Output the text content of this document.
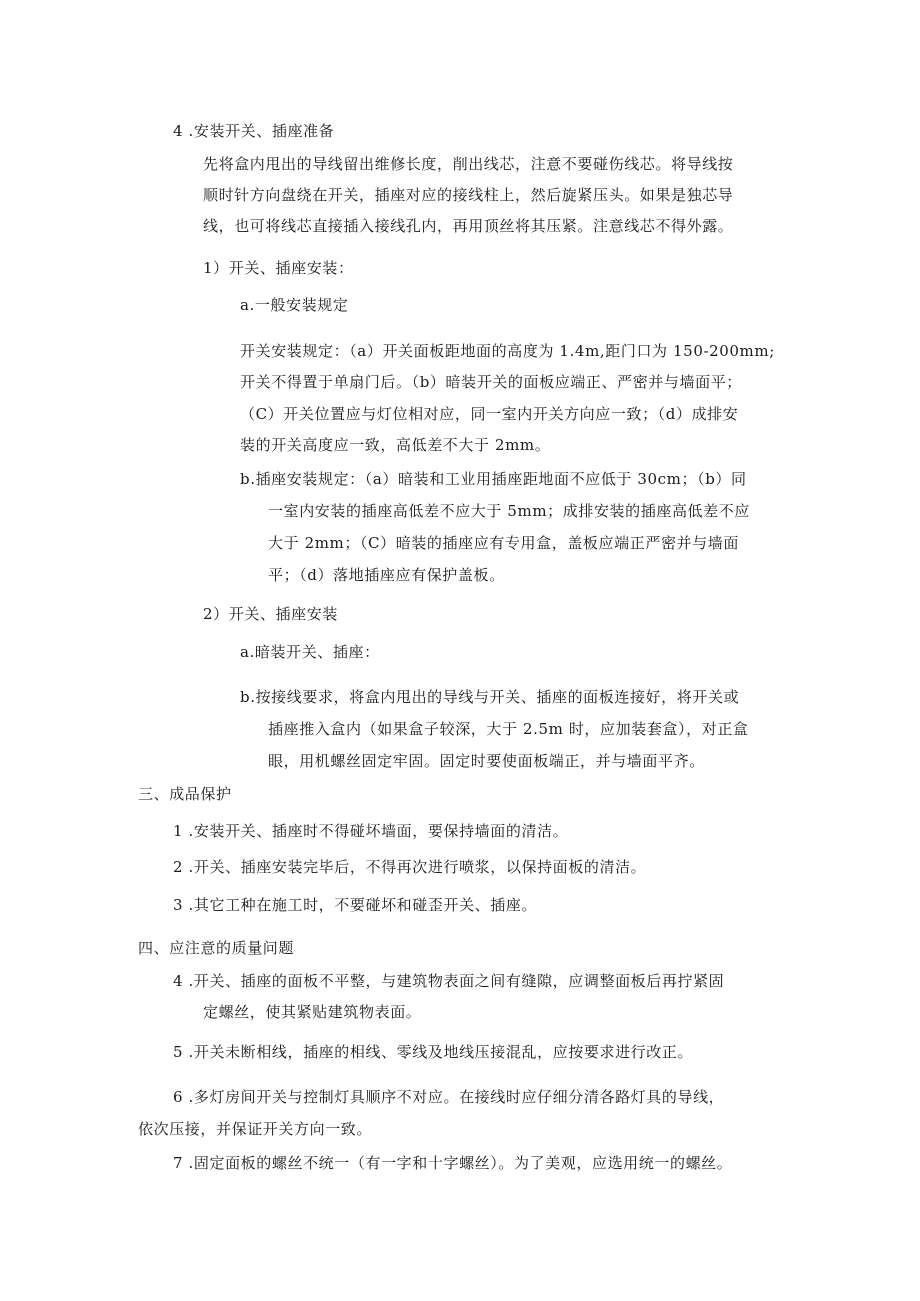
4 .安装开关、插座准备
先将盒内甩出的导线留出维修长度，削出线芯，注意不要碰伤线芯。将导线按
顺时针方向盘绕在开关，插座对应的接线柱上，然后旋紧压头。如果是独芯导
线，也可将线芯直接插入接线孔内，再用顶丝将其压紧。注意线芯不得外露。
1）开关、插座安装：
a.一般安装规定
开关安装规定：（a）开关面板距地面的高度为 1.4m,距门口为 150-200mm;
开关不得置于单扇门后。（b）暗装开关的面板应端正、严密并与墙面平；
（C）开关位置应与灯位相对应，同一室内开关方向应一致；（d）成排安
装的开关高度应一致，高低差不大于 2mm。
b.插座安装规定：（a）暗装和工业用插座距地面不应低于 30cm；（b）同
一室内安装的插座高低差不应大于 5mm；成排安装的插座高低差不应
大于 2mm；（C）暗装的插座应有专用盒，盖板应端正严密并与墙面
平；（d）落地插座应有保护盖板。
2）开关、插座安装
a.暗装开关、插座：
b.按接线要求，将盒内甩出的导线与开关、插座的面板连接好，将开关或
插座推入盒内（如果盒子较深，大于 2.5m 时，应加装套盒），对正盒
眼，用机螺丝固定牢固。固定时要使面板端正，并与墙面平齐。
三、成品保护
1 .安装开关、插座时不得碰坏墙面，要保持墙面的清洁。
2 .开关、插座安装完毕后，不得再次进行喷浆，以保持面板的清洁。
3 .其它工种在施工时，不要碰坏和碰歪开关、插座。
四、应注意的质量问题
4 .开关、插座的面板不平整，与建筑物表面之间有缝隙，应调整面板后再拧紧固
定螺丝，使其紧贴建筑物表面。
5 .开关未断相线，插座的相线、零线及地线压接混乱，应按要求进行改正。
6 .多灯房间开关与控制灯具顺序不对应。在接线时应仔细分清各路灯具的导线，
依次压接，并保证开关方向一致。
7 .固定面板的螺丝不统一（有一字和十字螺丝）。为了美观，应选用统一的螺丝。
